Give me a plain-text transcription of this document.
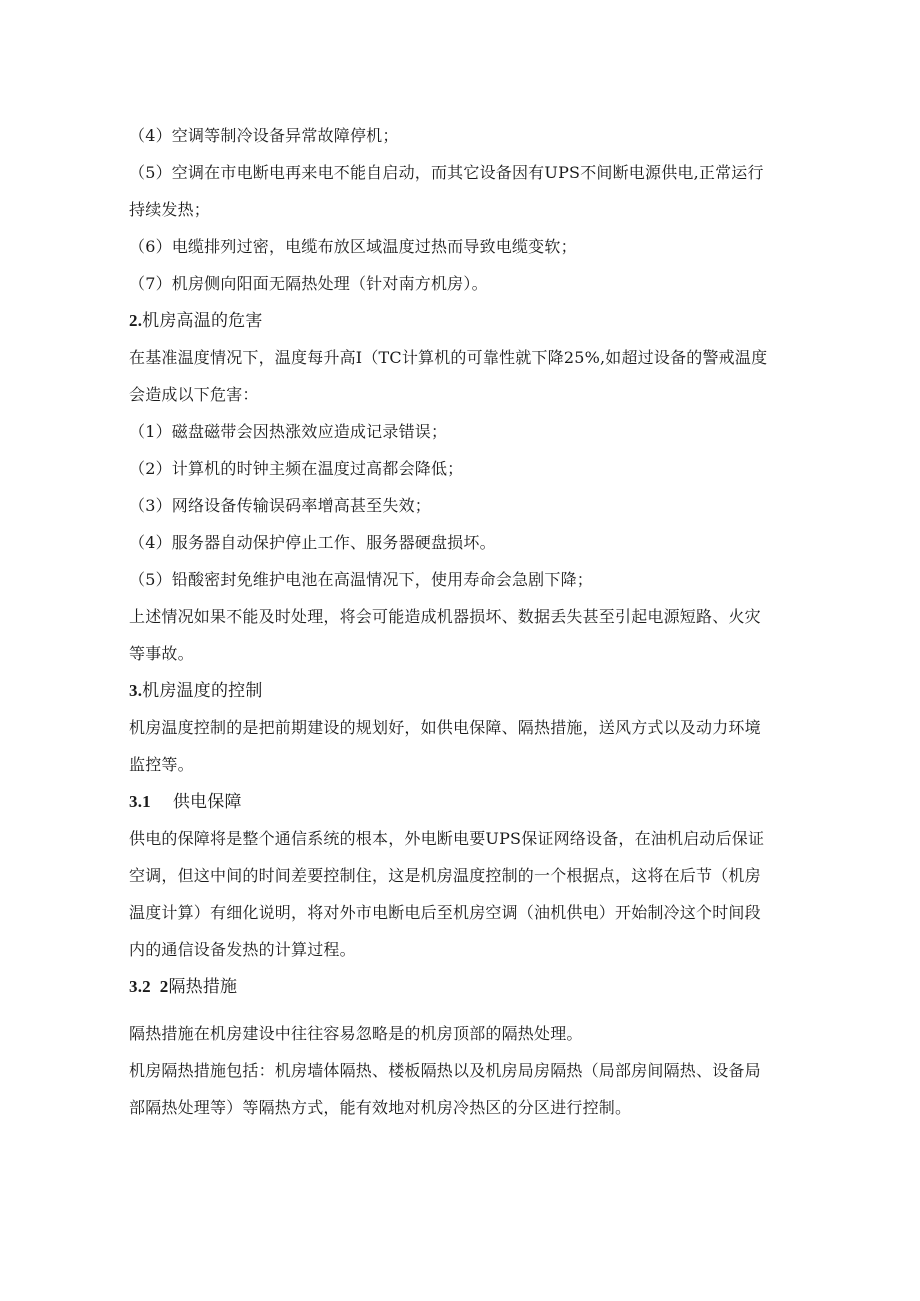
（4）空调等制冷设备异常故障停机；
（5）空调在市电断电再来电不能自启动，而其它设备因有UPS不间断电源供电,正常运行
持续发热；
（6）电缆排列过密，电缆布放区域温度过热而导致电缆变软；
（7）机房侧向阳面无隔热处理（针对南方机房）。
2.机房高温的危害
在基准温度情况下，温度每升高I（TC计算机的可靠性就下降25%,如超过设备的警戒温度
会造成以下危害：
（1）磁盘磁带会因热涨效应造成记录错误；
（2）计算机的时钟主频在温度过高都会降低；
（3）网络设备传输误码率增高甚至失效；
（4）服务器自动保护停止工作、服务器硬盘损坏。
（5）铅酸密封免维护电池在高温情况下，使用寿命会急剧下降；
上述情况如果不能及时处理，将会可能造成机器损坏、数据丢失甚至引起电源短路、火灾
等事故。
3.机房温度的控制
机房温度控制的是把前期建设的规划好，如供电保障、隔热措施，送风方式以及动力环境
监控等。
3.1 供电保障
供电的保障将是整个通信系统的根本，外电断电要UPS保证网络设备，在油机启动后保证
空调，但这中间的时间差要控制住，这是机房温度控制的一个根据点，这将在后节（机房
温度计算）有细化说明，将对外市电断电后至机房空调（油机供电）开始制冷这个时间段
内的通信设备发热的计算过程。
3.2  2隔热措施
隔热措施在机房建设中往往容易忽略是的机房顶部的隔热处理。
机房隔热措施包括：机房墙体隔热、楼板隔热以及机房局房隔热（局部房间隔热、设备局
部隔热处理等）等隔热方式，能有效地对机房冷热区的分区进行控制。
